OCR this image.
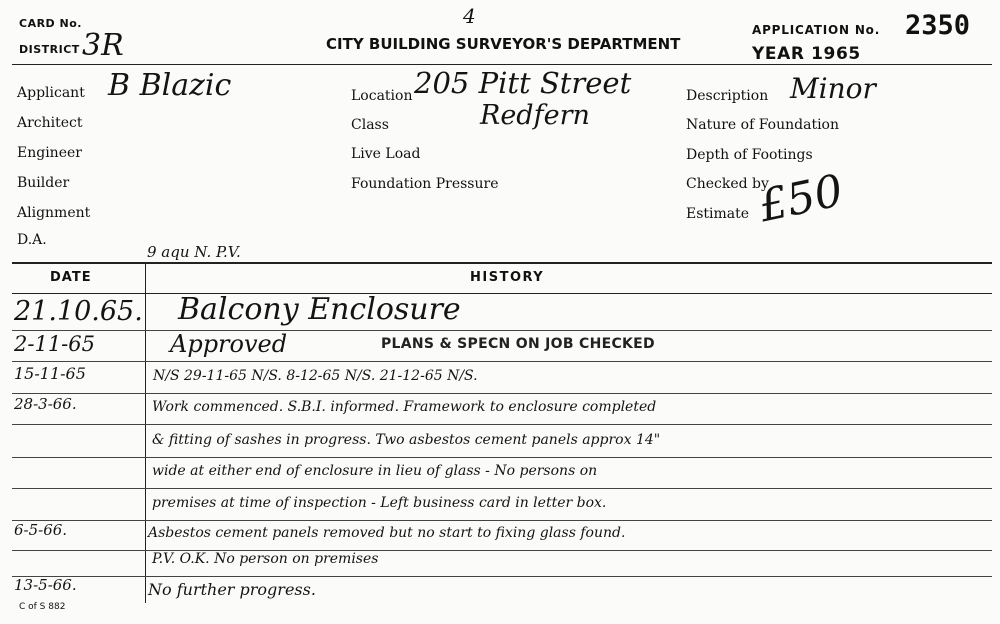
CARD No.
DISTRICT 3R
4
CITY BUILDING SURVEYOR'S DEPARTMENT
APPLICATION No. 2350
YEAR 1965
Applicant B Blazic
Architect
Engineer
Builder
Alignment
D.A.
Location 205 Pitt Street
Redfern
Class
Live Load
Foundation Pressure
Description Minor
Nature of Foundation
Depth of Footings
Checked by
Estimate £50
9 aqu N. P.V.
DATE	HISTORY
PLANS & SPECN ON JOB CHECKED
21.10.65. Balcony Enclosure
2-11-65	Approved
15-11-65	N/S 29-11-65 N/S. 8-12-65 N/S. 21-12-65 N/S.
28-3-66.	Work commenced. S.B.I. informed. Framework to enclosure completed
& fitting of sashes in progress. Two asbestos cement panels approx 14"
wide at either end of enclosure in lieu of glass - No persons on
premises at time of inspection - Left business card in letter box.
6-5-66.	Asbestos cement panels removed but no start to fixing glass found.
P.V. O.K. No person on premises
13-5-66.	No further progress.
C of S 882
